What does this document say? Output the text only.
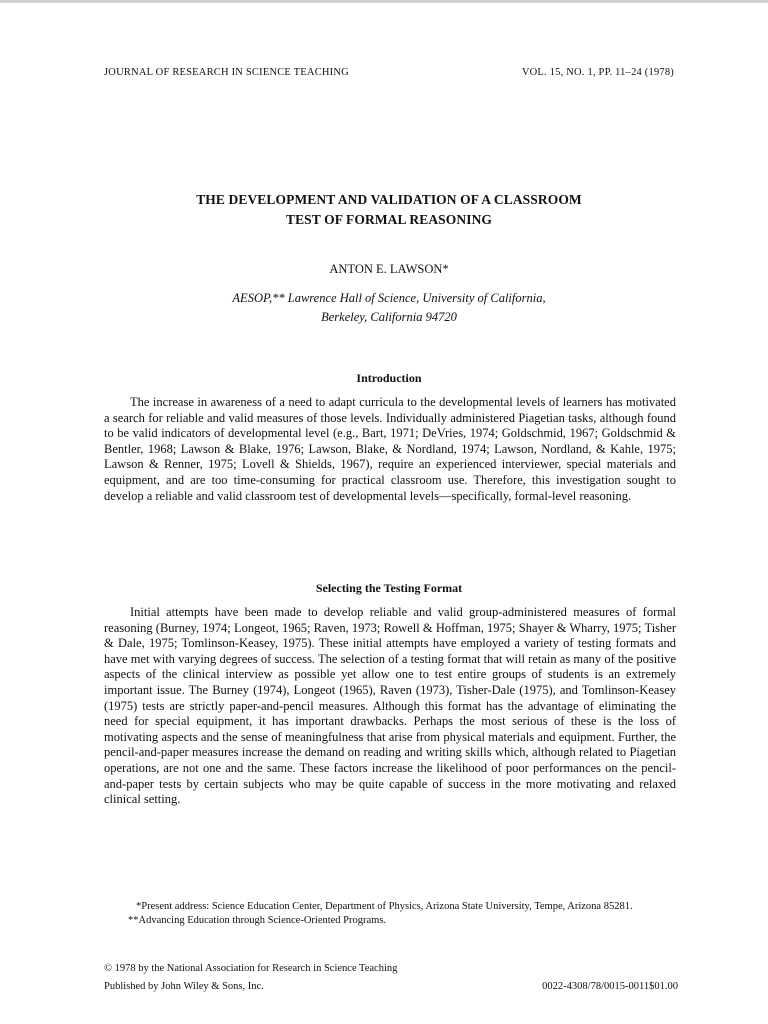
JOURNAL OF RESEARCH IN SCIENCE TEACHING	VOL. 15, NO. 1, PP. 11–24 (1978)
THE DEVELOPMENT AND VALIDATION OF A CLASSROOM
TEST OF FORMAL REASONING
ANTON E. LAWSON*
AESOP,** Lawrence Hall of Science, University of California,
Berkeley, California 94720
Introduction

The increase in awareness of a need to adapt curricula to the developmental levels of learners has motivated a search for reliable and valid measures of those levels. Individually administered Piagetian tasks, although found to be valid indicators of developmental level (e.g., Bart, 1971; DeVries, 1974; Goldschmid, 1967; Goldschmid & Bentler, 1968; Lawson & Blake, 1976; Lawson, Blake, & Nordland, 1974; Lawson, Nordland, & Kahle, 1975; Lawson & Renner, 1975; Lovell & Shields, 1967), require an experienced interviewer, special materials and equipment, and are too time-consuming for practical classroom use. Therefore, this investigation sought to develop a reliable and valid classroom test of developmental levels—specifically, formal-level reasoning.

Selecting the Testing Format

Initial attempts have been made to develop reliable and valid group-administered measures of formal reasoning (Burney, 1974; Longeot, 1965; Raven, 1973; Rowell & Hoffman, 1975; Shayer & Wharry, 1975; Tisher & Dale, 1975; Tomlinson-Keasey, 1975). These initial attempts have employed a variety of testing formats and have met with varying degrees of success. The selection of a testing format that will retain as many of the positive aspects of the clinical interview as possible yet allow one to test entire groups of students is an extremely important issue. The Burney (1974), Longeot (1965), Raven (1973), Tisher-Dale (1975), and Tomlinson-Keasey (1975) tests are strictly paper-and-pencil measures. Although this format has the advantage of eliminating the need for special equipment, it has important drawbacks. Perhaps the most serious of these is the loss of motivating aspects and the sense of meaningfulness that arise from physical materials and equipment. Further, the pencil-and-paper measures increase the demand on reading and writing skills which, although related to Piagetian operations, are not one and the same. These factors increase the likelihood of poor performances on the pencil-and-paper tests by certain subjects who may be quite capable of success in the more motivating and relaxed clinical setting.

*Present address: Science Education Center, Department of Physics, Arizona State University, Tempe, Arizona 85281.

**Advancing Education through Science-Oriented Programs.

© 1978 by the National Association for Research in Science Teaching
Published by John Wiley & Sons, Inc.	0022-4308/78/0015-0011$01.00
